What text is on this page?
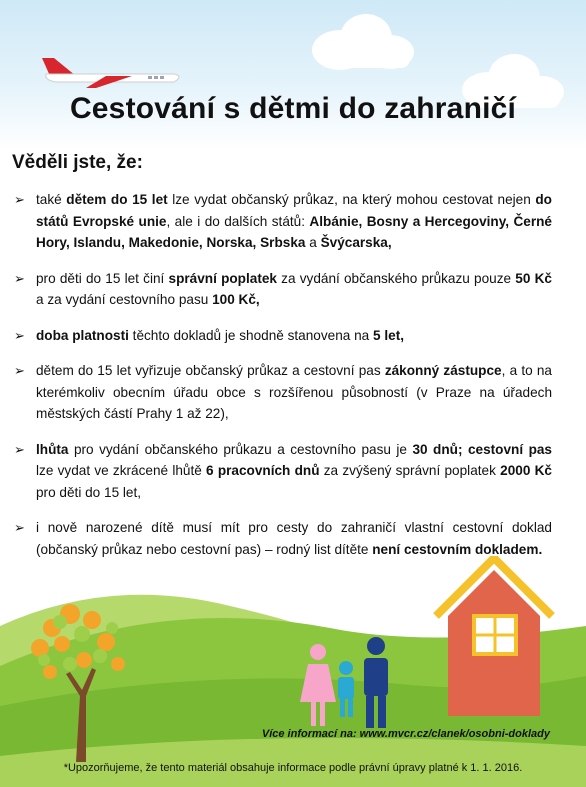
Cestování s dětmi do zahraničí
Věděli jste, že:
➢ také dětem do 15 let lze vydat občanský průkaz, na který mohou cestovat nejen do států Evropské unie, ale i do dalších států: Albánie, Bosny a Hercegoviny, Černé Hory, Islandu, Makedonie, Norska, Srbska a Švýcarska,
➢ pro děti do 15 let činí správní poplatek za vydání občanského průkazu pouze 50 Kč a za vydání cestovního pasu 100 Kč,
➢ doba platnosti těchto dokladů je shodně stanovena na 5 let,
➢ dětem do 15 let vyřizuje občanský průkaz a cestovní pas zákonný zástupce, a to na kterémkoliv obecním úřadu obce s rozšířenou působností (v Praze na úřadech městských částí Prahy 1 až 22),
➢ lhůta pro vydání občanského průkazu a cestovního pasu je 30 dnů; cestovní pas lze vydat ve zkrácené lhůtě 6 pracovních dnů za zvýšený správní poplatek 2000 Kč pro děti do 15 let,
➢ i nově narozené dítě musí mít pro cesty do zahraničí vlastní cestovní doklad (občanský průkaz nebo cestovní pas) – rodný list dítěte není cestovním dokladem.
Více informací na: www.mvcr.cz/clanek/osobni-doklady
*Upozorňujeme, že tento materiál obsahuje informace podle právní úpravy platné k 1. 1. 2016.
